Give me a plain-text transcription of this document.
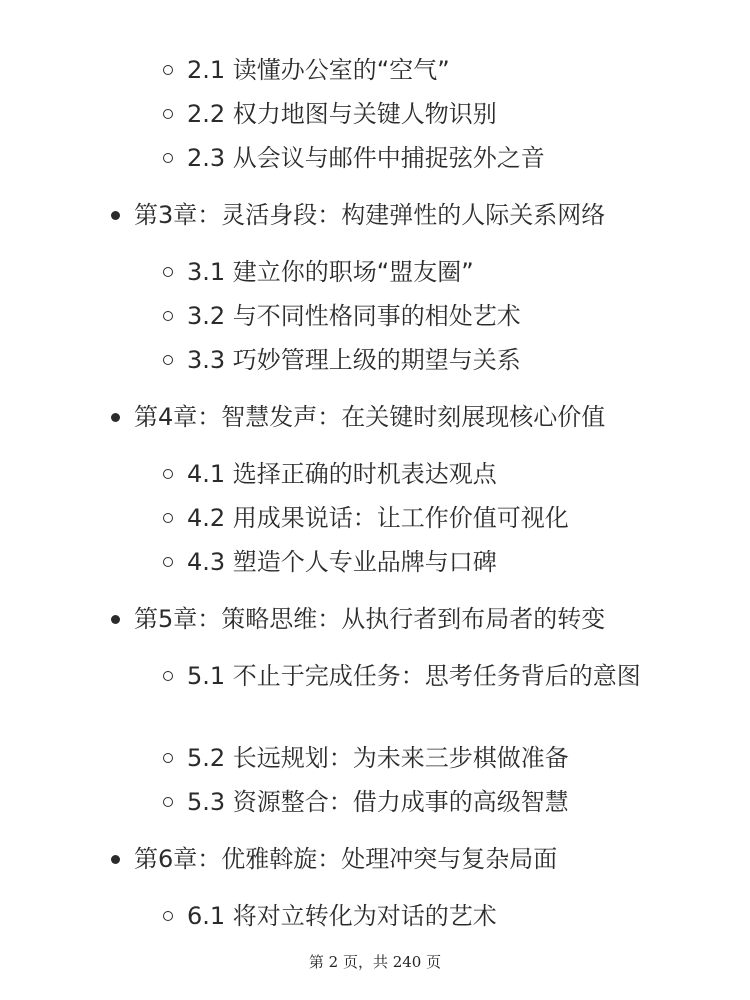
2.1 读懂办公室的“空气”
2.2 权力地图与关键人物识别
2.3 从会议与邮件中捕捉弦外之音
第3章：灵活身段：构建弹性的人际关系网络
3.1 建立你的职场“盟友圈”
3.2 与不同性格同事的相处艺术
3.3 巧妙管理上级的期望与关系
第4章：智慧发声：在关键时刻展现核心价值
4.1 选择正确的时机表达观点
4.2 用成果说话：让工作价值可视化
4.3 塑造个人专业品牌与口碑
第5章：策略思维：从执行者到布局者的转变
5.1 不止于完成任务：思考任务背后的意图
5.2 长远规划：为未来三步棋做准备
5.3 资源整合：借力成事的高级智慧
第6章：优雅斡旋：处理冲突与复杂局面
6.1 将对立转化为对话的艺术
第 2 页，共 240 页
